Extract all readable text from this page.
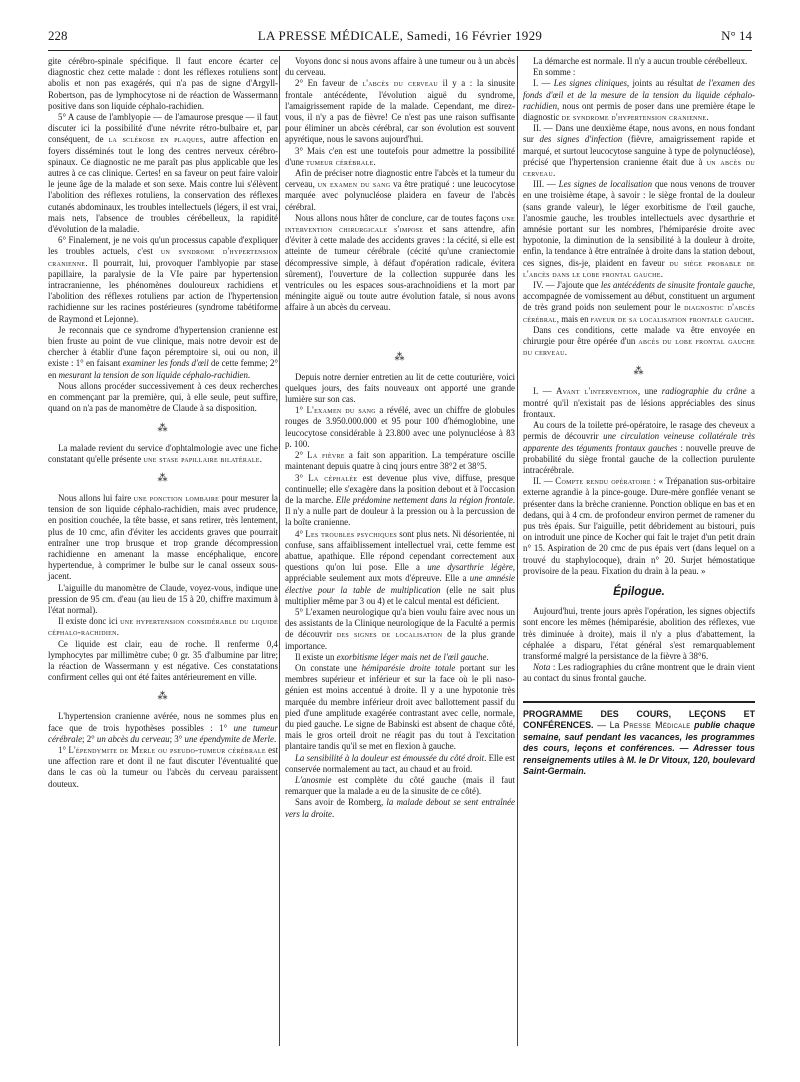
228	LA PRESSE MÉDICALE, Samedi, 16 Février 1929	N° 14

gite cérébro-spinale spécifique. Il faut encore écarter ce diagnostic chez cette malade : dont les réflexes rotuliens sont abolis et non pas exagérés, qui n'a pas de signe d'Argyll-Robertson, pas de lymphocytose ni de réaction de Wassermann positive dans son liquide céphalo-rachidien.

5° A cause de l'amblyopie — de l'amaurose presque — il faut discuter ici la possibilité d'une névrite rétro-bulbaire et, par conséquent, de la sclérose en plaques, autre affection en foyers disséminés tout le long des centres nerveux cérébro-spinaux. Ce diagnostic ne me paraît pas plus applicable que les autres à ce cas clinique. Certes! en sa faveur on peut faire valoir le jeune âge de la malade et son sexe. Mais contre lui s'élèvent l'abolition des réflexes rotuliens, la conservation des réflexes cutanés abdominaux, les troubles intellectuels (légers, il est vrai, mais nets, l'absence de troubles cérébelleux, la rapidité d'évolution de la maladie.

6° Finalement, je ne vois qu'un processus capable d'expliquer les troubles actuels, c'est un syndrome d'hypertension cranienne. Il pourrait, lui, provoquer l'amblyopie par stase papillaire, la paralysie de la VIe paire par hypertension intracranienne, les phénomènes douloureux rachidiens et l'abolition des réflexes rotuliens par action de l'hypertension rachidienne sur les racines postérieures (syndrome tabétiforme de Raymond et Lejonne).

Je reconnais que ce syndrome d'hypertension cranienne est bien fruste au point de vue clinique, mais notre devoir est de chercher à établir d'une façon péremptoire si, oui ou non, il existe : 1° en faisant examiner les fonds d'œil de cette femme; 2° en mesurant la tension de son liquide céphalo-rachidien.

Nous allons procéder successivement à ces deux recherches en commençant par la première, qui, à elle seule, peut suffire, quand on n'a pas de manomètre de Claude à sa disposition.

⁂

La malade revient du service d'ophtalmologie avec une fiche constatant qu'elle présente une stase papillaire bilatérale.

⁂

Nous allons lui faire une ponction lombaire pour mesurer la tension de son liquide céphalo-rachidien, mais avec prudence, en position couchée, la tête basse, et sans retirer, très lentement, plus de 10 cmc, afin d'éviter les accidents graves que pourrait entraîner une trop brusque et trop grande décompression rachidienne en amenant la masse encéphalique, encore hypertendue, à comprimer le bulbe sur le canal osseux sous-jacent.

L'aiguille du manomètre de Claude, voyez-vous, indique une pression de 95 cm. d'eau (au lieu de 15 à 20, chiffre maximum à l'état normal).

Il existe donc ici une hypertension considérable du liquide céphalo-rachidien.

Ce liquide est clair, eau de roche. Il renferme 0,4 lymphocytes par millimètre cube; 0 gr. 35 d'albumine par litre; la réaction de Wassermann y est négative. Ces constatations confirment celles qui ont été faites antérieurement en ville.

⁂

L'hypertension cranienne avérée, nous ne sommes plus en face que de trois hypothèses possibles : 1° une tumeur cérébrale; 2° un abcès du cerveau; 3° une épendymite de Merle.

1° L'épendymite de Merle ou pseudo-tumeur cérébrale est une affection rare et dont il ne faut discuter l'éventualité que dans le cas où la tumeur ou l'abcès du cerveau paraissent douteux.

Voyons donc si nous avons affaire à une tumeur ou à un abcès du cerveau.

2° En faveur de l'abcès du cerveau il y a : la sinusite frontale antécédente, l'évolution aiguë du syndrome, l'amaigrissement rapide de la malade. Cependant, me direz-vous, il n'y a pas de fièvre! Ce n'est pas une raison suffisante pour éliminer un abcès cérébral, car son évolution est souvent apyrétique, nous le savons aujourd'hui.

3° Mais c'en est une toutefois pour admettre la possibilité d'une tumeur cérébrale.

Afin de préciser notre diagnostic entre l'abcès et la tumeur du cerveau, un examen du sang va être pratiqué : une leucocytose marquée avec polynucléose plaidera en faveur de l'abcès cérébral.

Nous allons nous hâter de conclure, car de toutes façons une intervention chirurgicale s'impose et sans attendre, afin d'éviter à cette malade des accidents graves : la cécité, si elle est atteinte de tumeur cérébrale (cécité qu'une craniectomie décompressive simple, à défaut d'opération radicale, évitera sûrement), l'ouverture de la collection suppurée dans les ventricules ou les espaces sous-arachnoïdiens et la mort par méningite aiguë ou toute autre évolution fatale, si nous avons affaire à un abcès du cerveau.

⁂

Depuis notre dernier entretien au lit de cette couturière, voici quelques jours, des faits nouveaux ont apporté une grande lumière sur son cas.

1° L'examen du sang a révélé, avec un chiffre de globules rouges de 3.950.000.000 et 95 pour 100 d'hémoglobine, une leucocytose considérable à 23.800 avec une polynucléose à 83 p. 100.

2° La fièvre a fait son apparition. La température oscille maintenant depuis quatre à cinq jours entre 38°2 et 38°5.

3° La céphalée est devenue plus vive, diffuse, presque continuelle; elle s'exagère dans la position debout et à l'occasion de la marche. Elle prédomine nettement dans la région frontale. Il n'y a nulle part de douleur à la pression ou à la percussion de la boîte cranienne.

4° Les troubles psychiques sont plus nets. Ni désorientée, ni confuse, sans affaiblissement intellectuel vrai, cette femme est abattue, apathique. Elle répond cependant correctement aux questions qu'on lui pose. Elle a une dysarthrie légère, appréciable seulement aux mots d'épreuve. Elle a une amnésie élective pour la table de multiplication (elle ne sait plus multiplier même par 3 ou 4) et le calcul mental est déficient.

5° L'examen neurologique qu'a bien voulu faire avec nous un des assistants de la Clinique neurologique de la Faculté a permis de découvrir des signes de localisation de la plus grande importance.

Il existe un exorbitisme léger mais net de l'œil gauche.

On constate une hémiparésie droite totale portant sur les membres supérieur et inférieur et sur la face où le pli naso-génien est moins accentué à droite. Il y a une hypotonie très marquée du membre inférieur droit avec ballottement passif du pied d'une amplitude exagérée contrastant avec celle, normale, du pied gauche. Le signe de Babinski est absent de chaque côté, mais le gros orteil droit ne réagit pas du tout à l'excitation plantaire tandis qu'il se met en flexion à gauche.

La sensibilité à la douleur est émoussée du côté droit. Elle est conservée normalement au tact, au chaud et au froid.

L'anosmie est complète du côté gauche (mais il faut remarquer que la malade a eu de la sinusite de ce côté).

Sans avoir de Romberg, la malade debout se sent entraînée vers la droite.

La démarche est normale. Il n'y a aucun trouble cérébelleux.

En somme :

I. — Les signes cliniques, joints au résultat de l'examen des fonds d'œil et de la mesure de la tension du liquide céphalo-rachidien, nous ont permis de poser dans une première étape le diagnostic de syndrome d'hypertension cranienne.

II. — Dans une deuxième étape, nous avons, en nous fondant sur des signes d'infection (fièvre, amaigrissement rapide et marqué, et surtout leucocytose sanguine à type de polynucléose), précisé que l'hypertension cranienne était due à un abcès du cerveau.

III. — Les signes de localisation que nous venons de trouver en une troisième étape, à savoir : le siège frontal de la douleur (sans grande valeur), le léger exorbitisme de l'œil gauche, l'anosmie gauche, les troubles intellectuels avec dysarthrie et amnésie portant sur les nombres, l'hémiparésie droite avec hypotonie, la diminution de la sensibilité à la douleur à droite, enfin, la tendance à être entraînée à droite dans la station debout, ces signes, dis-je, plaident en faveur du siège probable de l'abcès dans le lobe frontal gauche.

IV. — J'ajoute que les antécédents de sinusite frontale gauche, accompagnée de vomissement au début, constituent un argument de très grand poids non seulement pour le diagnostic d'abcès cérébral, mais en faveur de sa localisation frontale gauche.

Dans ces conditions, cette malade va être envoyée en chirurgie pour être opérée d'un abcès du lobe frontal gauche du cerveau.

⁂

I. — Avant l'intervention, une radiographie du crâne a montré qu'il n'existait pas de lésions appréciables des sinus frontaux.

Au cours de la toilette pré-opératoire, le rasage des cheveux a permis de découvrir une circulation veineuse collatérale très apparente des téguments frontaux gauches : nouvelle preuve de probabilité du siège frontal gauche de la collection purulente intracérébrale.

II. — Compte rendu opératoire : « Trépanation sus-orbitaire externe agrandie à la pince-gouge. Dure-mère gonflée venant se présenter dans la brèche cranienne. Ponction oblique en bas et en dedans, qui à 4 cm. de profondeur environ permet de ramener du pus très épais. Sur l'aiguille, petit débridement au bistouri, puis on introduit une pince de Kocher qui fait le trajet d'un petit drain n° 15. Aspiration de 20 cmc de pus épais vert (dans lequel on a trouvé du staphylocoque), drain n° 20. Surjet hémostatique provisoire de la peau. Fixation du drain à la peau. »

Épilogue.

Aujourd'hui, trente jours après l'opération, les signes objectifs sont encore les mêmes (hémiparésie, abolition des réflexes, vue très diminuée à droite), mais il n'y a plus d'abattement, la céphalée a disparu, l'état général s'est remarquablement transformé malgré la persistance de la fièvre à 38°6.

Nota : Les radiographies du crâne montrent que le drain vient au contact du sinus frontal gauche.

PROGRAMME DES COURS, LEÇONS ET CONFÉRENCES. — La Presse Médicale publie chaque semaine, sauf pendant les vacances, les programmes des cours, leçons et conférences. — Adresser tous renseignements utiles à M. le Dr Vitoux, 120, boulevard Saint-Germain.
